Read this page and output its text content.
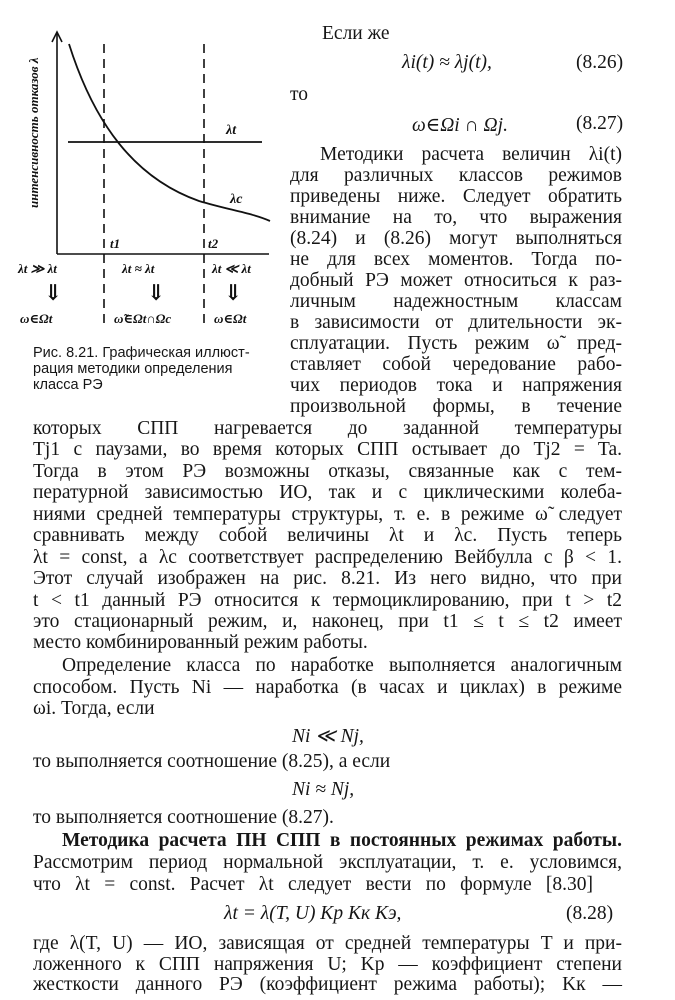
интенсивность отказов λ	λt
λc
t1	t2
λt ≫ λt	λt ≈ λt	λt ≪ λt
⇓	⇓	⇓
ω∈Ωt	ω̃∈Ωt∩Ωc	ω∈Ωt
Рис. 8.21. Графическая иллюст-
рация методики определения
класса РЭ
Если же
λi(t) ≈ λj(t),	(8.26)
то
ω∈Ωi ∩ Ωj.	(8.27)
Методики расчета величин λi(t)
для различных классов режимов
приведены ниже. Следует обратить
внимание на то, что выражения
(8.24) и (8.26) могут выполняться
не для всех моментов. Тогда по-
добный РЭ может относиться к раз-
личным надежностным классам
в зависимости от длительности эк-
сплуатации. Пусть режим ω̃ пред-
ставляет собой чередование рабо-
чих периодов тока и напряжения
произвольной формы, в течение
которых СПП нагревается до заданной температуры
Tj1 с паузами, во время которых СПП остывает до Tj2 = Ta.
Тогда в этом РЭ возможны отказы, связанные как с тем-
пературной зависимостью ИО, так и с циклическими колеба-
ниями средней температуры структуры, т. е. в режиме ω̃ следует
сравнивать между собой величины λt и λc. Пусть теперь
λt = const, а λc соответствует распределению Вейбулла с β < 1.
Этот случай изображен на рис. 8.21. Из него видно, что при
t < t1 данный РЭ относится к термоциклированию, при t > t2
это стационарный режим, и, наконец, при t1 ≤ t ≤ t2 имеет
место комбинированный режим работы.
Определение класса по наработке выполняется аналогичным
способом. Пусть Ni — наработка (в часах и циклах) в режиме
ωi. Тогда, если
Ni ≪ Nj,
то выполняется соотношение (8.25), а если
Ni ≈ Nj,
то выполняется соотношение (8.27).
Методика расчета ПН СПП в постоянных режимах работы.
Рассмотрим период нормальной эксплуатации, т. е. условимся,
что λt = const. Расчет λt следует вести по формуле [8.30]
λt = λ(T, U) Kр Kк Kэ,	(8.28)
где λ(T, U) — ИО, зависящая от средней температуры T и при-
ложенного к СПП напряжения U; Kр — коэффициент степени
жесткости данного РЭ (коэффициент режима работы); Kк —
